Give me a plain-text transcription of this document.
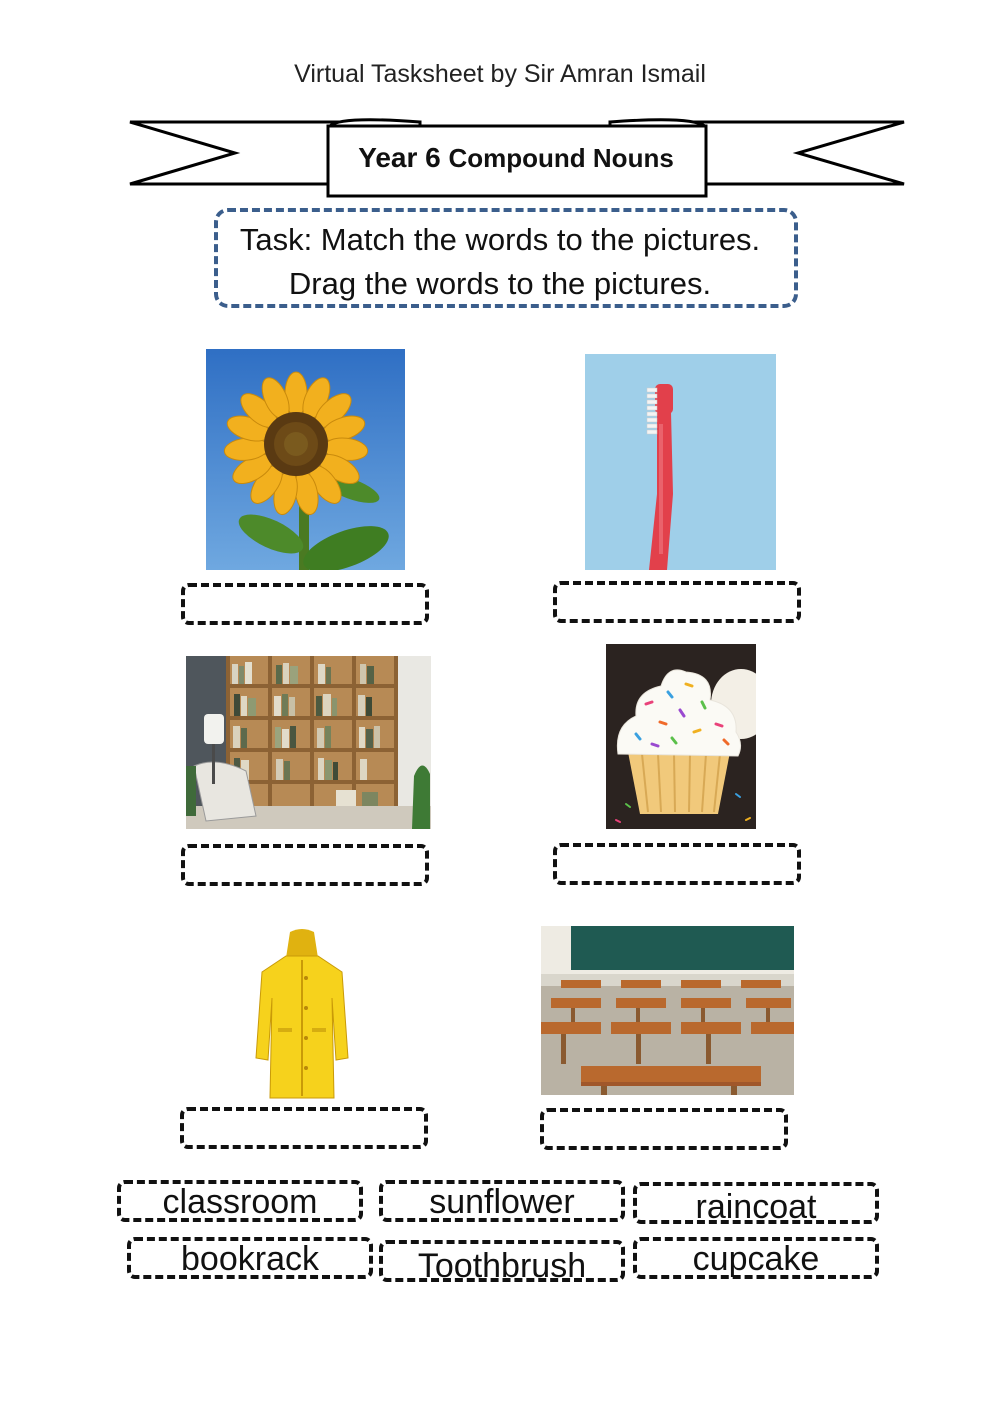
Virtual Tasksheet by Sir Amran Ismail
Year 6 Compound Nouns
Task: Match the words to the pictures.
Drag the words to the pictures.
classroom	sunflower	raincoat
bookrack	Toothbrush	cupcake
